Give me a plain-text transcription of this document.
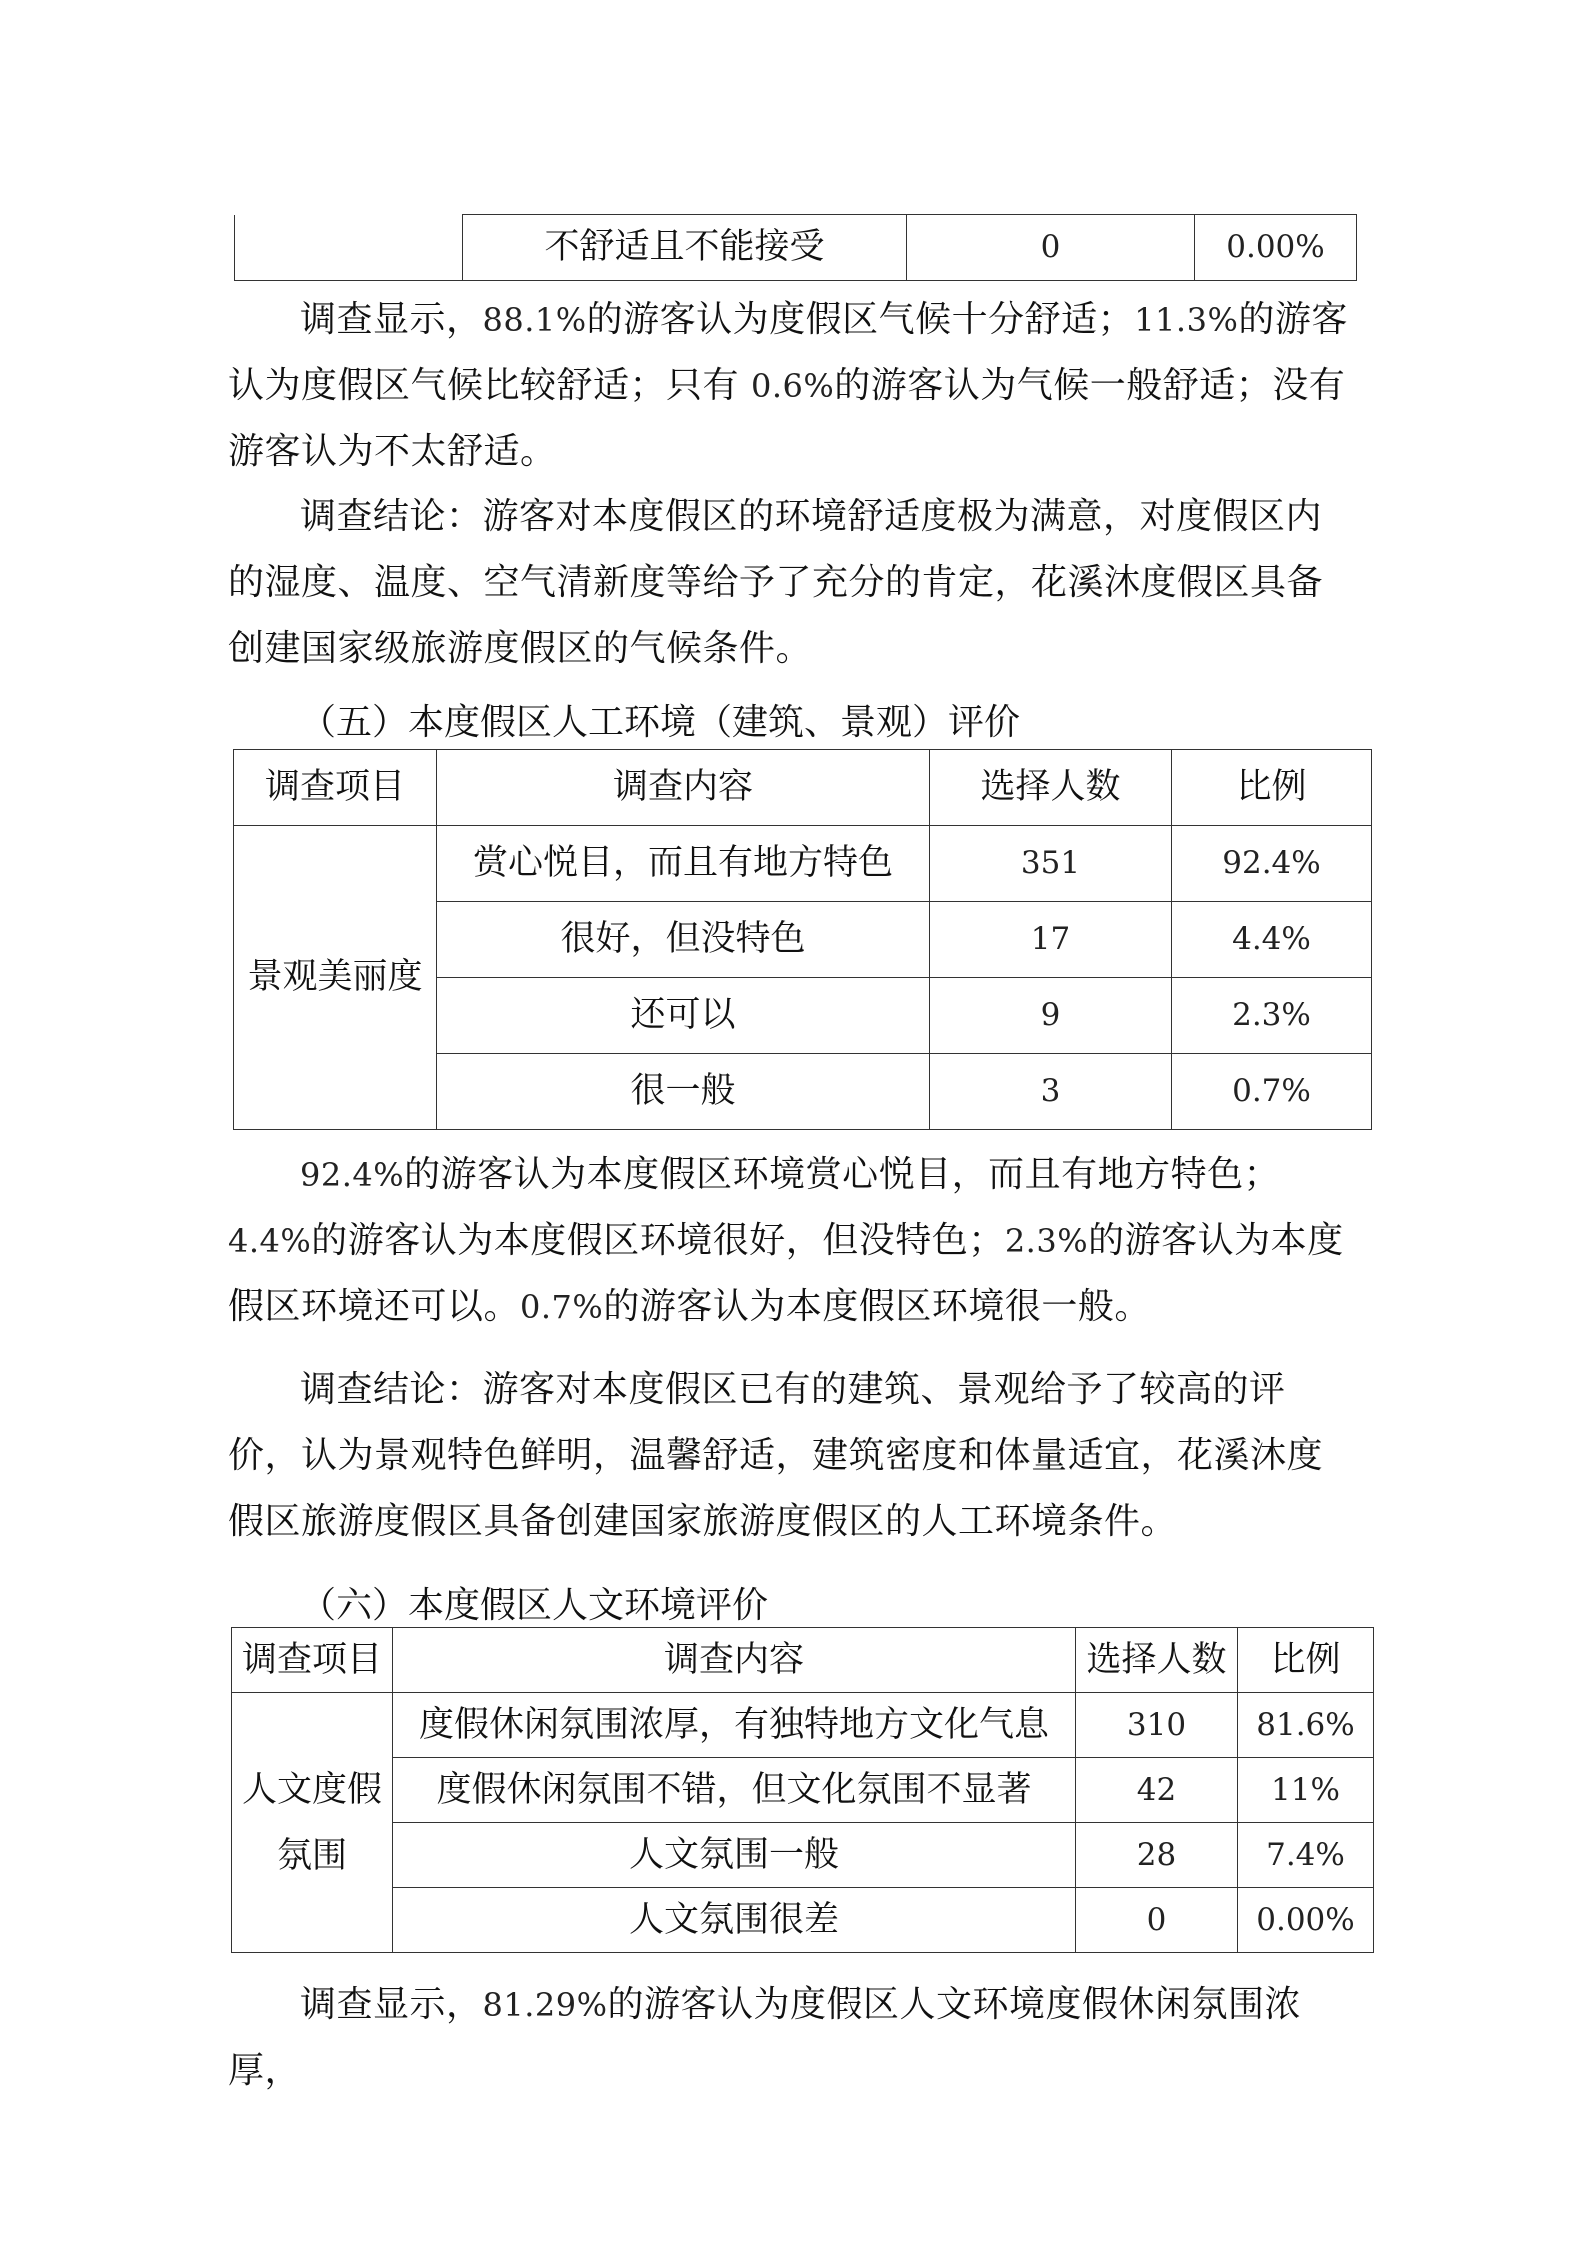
	不舒适且不能接受	0	0.00%

调查显示，88.1%的游客认为度假区气候十分舒适；11.3%的游客认为度假区气候比较舒适；只有 0.6%的游客认为气候一般舒适；没有游客认为不太舒适。

调查结论：游客对本度假区的环境舒适度极为满意，对度假区内的湿度、温度、空气清新度等给予了充分的肯定，花溪沐度假区具备创建国家级旅游度假区的气候条件。

（五）本度假区人工环境（建筑、景观）评价

调查项目	调查内容	选择人数	比例
景观美丽度	赏心悦目，而且有地方特色	351	92.4%
	很好，但没特色	17	4.4%
	还可以	9	2.3%
	很一般	3	0.7%

92.4%的游客认为本度假区环境赏心悦目，而且有地方特色；4.4%的游客认为本度假区环境很好，但没特色；2.3%的游客认为本度假区环境还可以。0.7%的游客认为本度假区环境很一般。

调查结论：游客对本度假区已有的建筑、景观给予了较高的评价，认为景观特色鲜明，温馨舒适，建筑密度和体量适宜，花溪沐度假区旅游度假区具备创建国家旅游度假区的人工环境条件。

（六）本度假区人文环境评价

调查项目	调查内容	选择人数	比例
人文度假氛围	度假休闲氛围浓厚，有独特地方文化气息	310	81.6%
	度假休闲氛围不错，但文化氛围不显著	42	11%
	人文氛围一般	28	7.4%
	人文氛围很差	0	0.00%

调查显示，81.29%的游客认为度假区人文环境度假休闲氛围浓厚，
